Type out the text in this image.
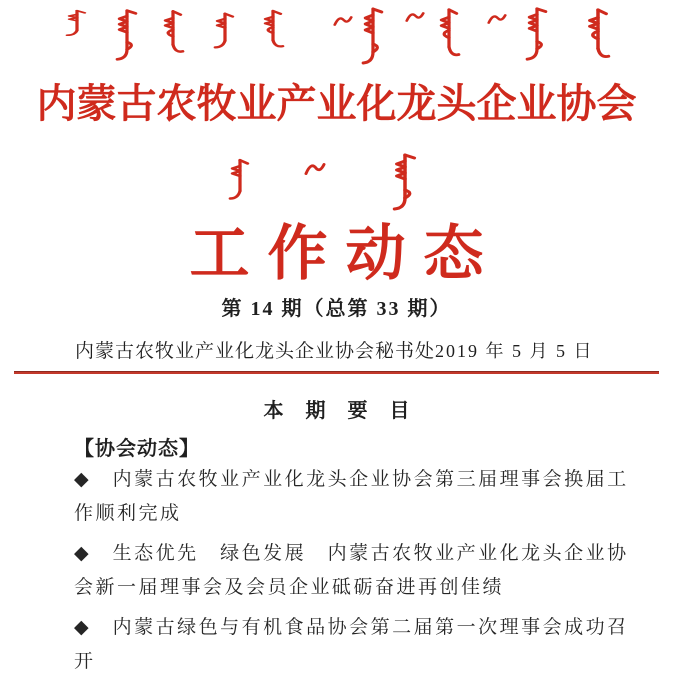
内蒙古农牧业产业化龙头企业协会
工作动态
第 14 期（总第 33 期）
内蒙古农牧业产业化龙头企业协会秘书处 2019 年 5 月 5 日
本期要目
【协会动态】
◆　内蒙古农牧业产业化龙头企业协会第三届理事会换届工
作顺利完成
◆　生态优先　绿色发展　内蒙古农牧业产业化龙头企业协
会新一届理事会及会员企业砥砺奋进再创佳绩
◆　内蒙古绿色与有机食品协会第二届第一次理事会成功召
开
